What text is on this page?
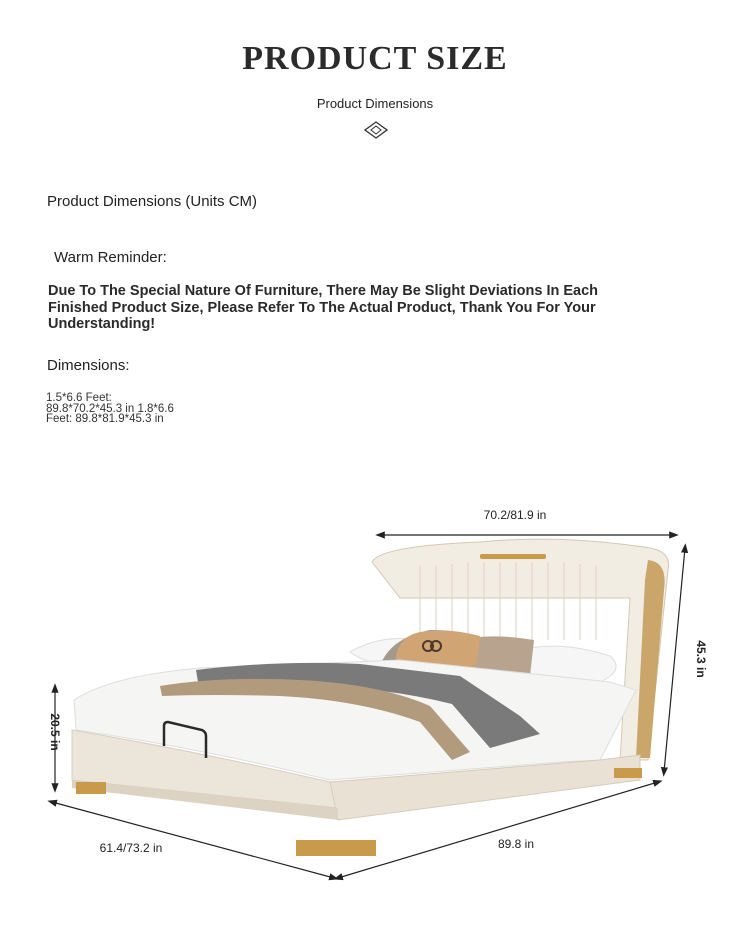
PRODUCT SIZE
Product Dimensions
Product Dimensions (Units CM)
Warm Reminder:
Due To The Special Nature Of Furniture, There May Be Slight Deviations In Each Finished Product Size, Please Refer To The Actual Product, Thank You For Your Understanding!
Dimensions:
1.5*6.6 Feet:
89.8*70.2*45.3 in 1.8*6.6
Feet: 89.8*81.9*45.3 in
70.2/81.9 in
45.3 in
20.5 in
61.4/73.2 in	89.8 in
